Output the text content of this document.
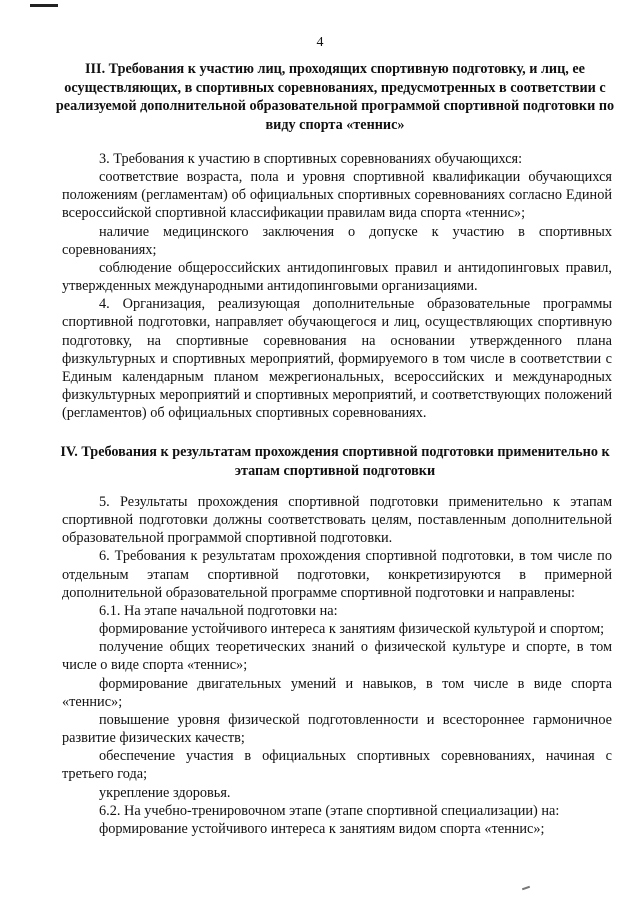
4
III. Требования к участию лиц, проходящих спортивную подготовку, и лиц, ее осуществляющих, в спортивных соревнованиях, предусмотренных в соответствии с реализуемой дополнительной образовательной программой спортивной подготовки по виду спорта «теннис»

3. Требования к участию в спортивных соревнованиях обучающихся:

соответствие возраста, пола и уровня спортивной квалификации обучающихся положениям (регламентам) об официальных спортивных соревнованиях согласно Единой всероссийской спортивной классификации правилам вида спорта «теннис»;

наличие медицинского заключения о допуске к участию в спортивных соревнованиях;

соблюдение общероссийских антидопинговых правил и антидопинговых правил, утвержденных международными антидопинговыми организациями.

4. Организация, реализующая дополнительные образовательные программы спортивной подготовки, направляет обучающегося и лиц, осуществляющих спортивную подготовку, на спортивные соревнования на основании утвержденного плана физкультурных и спортивных мероприятий, формируемого в том числе в соответствии с Единым календарным планом межрегиональных, всероссийских и международных физкультурных мероприятий и спортивных мероприятий, и соответствующих положений (регламентов) об официальных спортивных соревнованиях.

IV. Требования к результатам прохождения спортивной подготовки применительно к этапам спортивной подготовки

5. Результаты прохождения спортивной подготовки применительно к этапам спортивной подготовки должны соответствовать целям, поставленным дополнительной образовательной программой спортивной подготовки.

6. Требования к результатам прохождения спортивной подготовки, в том числе по отдельным этапам спортивной подготовки, конкретизируются в примерной дополнительной образовательной программе спортивной подготовки и направлены:

6.1. На этапе начальной подготовки на:

формирование устойчивого интереса к занятиям физической культурой и спортом;

получение общих теоретических знаний о физической культуре и спорте, в том числе о виде спорта «теннис»;

формирование двигательных умений и навыков, в том числе в виде спорта «теннис»;

повышение уровня физической подготовленности и всестороннее гармоничное развитие физических качеств;

обеспечение участия в официальных спортивных соревнованиях, начиная с третьего года;

укрепление здоровья.

6.2. На учебно-тренировочном этапе (этапе спортивной специализации) на:

формирование устойчивого интереса к занятиям видом спорта «теннис»;
